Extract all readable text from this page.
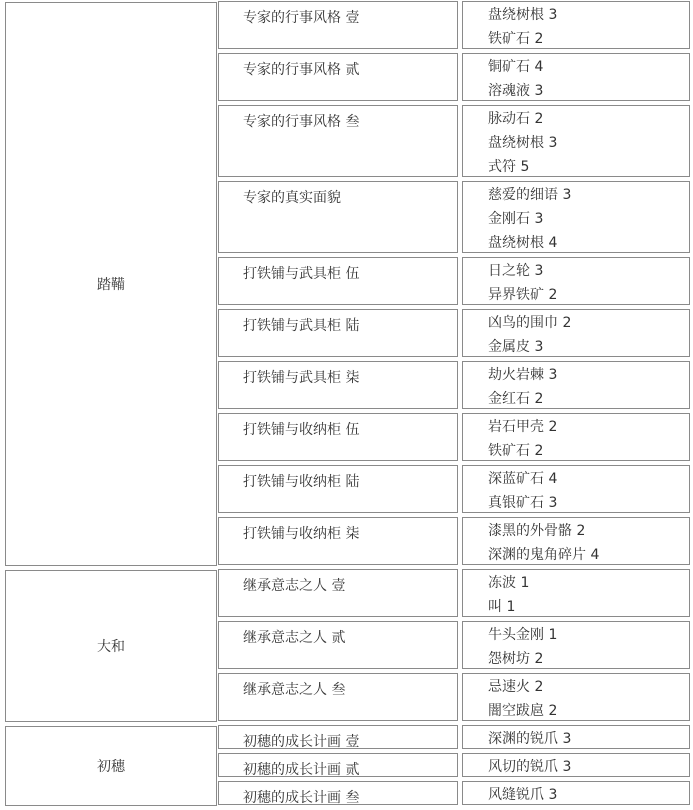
踏鞴
专家的行事风格 壹	盘绕树根 3
铁矿石 2
专家的行事风格 贰	铜矿石 4
溶魂液 3
专家的行事风格 叁	脉动石 2
盘绕树根 3
式符 5
专家的真实面貌	慈爱的细语 3
金刚石 3
盘绕树根 4
打铁铺与武具柜 伍	日之轮 3
异界铁矿 2
打铁铺与武具柜 陆	凶鸟的围巾 2
金属皮 3
打铁铺与武具柜 柒	劫火岩棘 3
金红石 2
打铁铺与收纳柜 伍	岩石甲壳 2
铁矿石 2
打铁铺与收纳柜 陆	深蓝矿石 4
真银矿石 3
打铁铺与收纳柜 柒	漆黑的外骨骼 2
深渊的鬼角碎片 4
大和
继承意志之人 壹	冻波 1
叫 1
继承意志之人 贰	牛头金刚 1
怨树坊 2
继承意志之人 叁	忌速火 2
闇空跋扈 2
初穗
初穗的成长计画 壹	深渊的锐爪 3
初穗的成长计画 贰	风切的锐爪 3
初穗的成长计画 叁	风缝锐爪 3
